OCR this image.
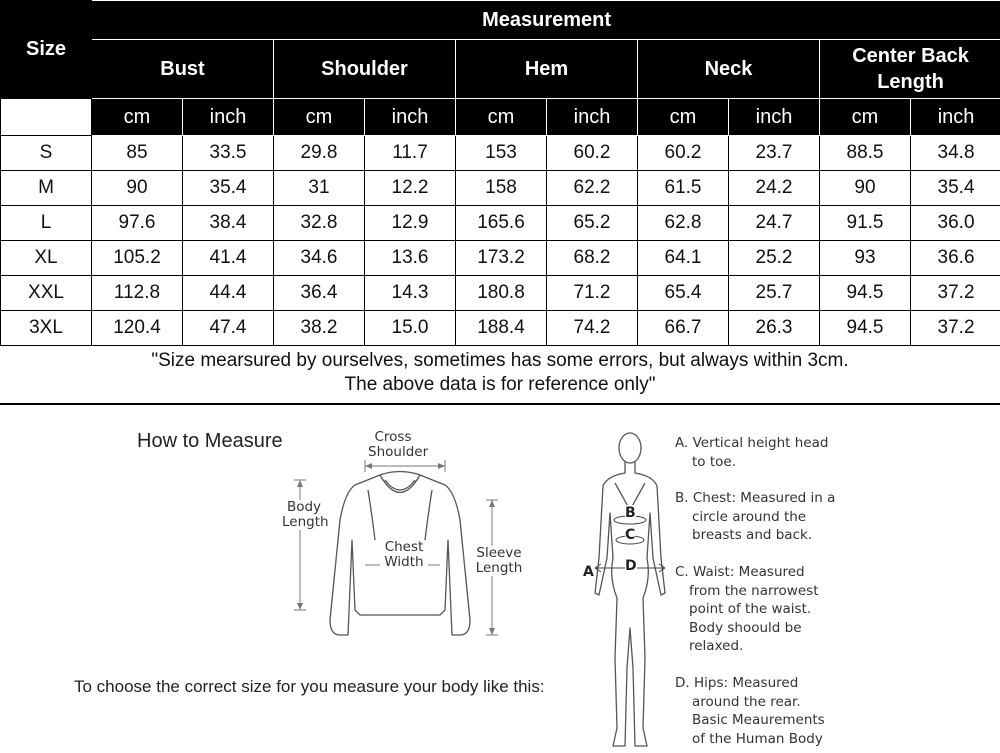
Size	Measurement									
	Bust		Shoulder		Hem		Neck		Center Back
Length	

	cm	inch	cm	inch	cm	inch	cm	inch	cm	inch
S	85	33.5	29.8	11.7	153	60.2	60.2	23.7	88.5	34.8
M	90	35.4	31	12.2	158	62.2	61.5	24.2	90	35.4
L	97.6	38.4	32.8	12.9	165.6	65.2	62.8	24.7	91.5	36.0
XL	105.2	41.4	34.6	13.6	173.2	68.2	64.1	25.2	93	36.6
XXL	112.8	44.4	36.4	14.3	180.8	71.2	65.4	25.7	94.5	37.2
3XL	120.4	47.4	38.2	15.0	188.4	74.2	66.7	26.3	94.5	37.2
"Size mearsured by ourselves, sometimes has some errors, but always within 3cm.
The above data is for reference only"
How to Measure
To choose the correct size for you measure your body like this:
Cross
Shoulder
Body
Length
Chest
Width
Sleeve
Length	A
B
C
D
A. Vertical height head
to toe.
B. Chest: Measured in a
circle around the
breasts and back.
C. Waist: Measured
from the narrowest
point of the waist.
Body shoould be
relaxed.
D. Hips: Measured
around the rear.
Basic Meaurements
of the Human Body
